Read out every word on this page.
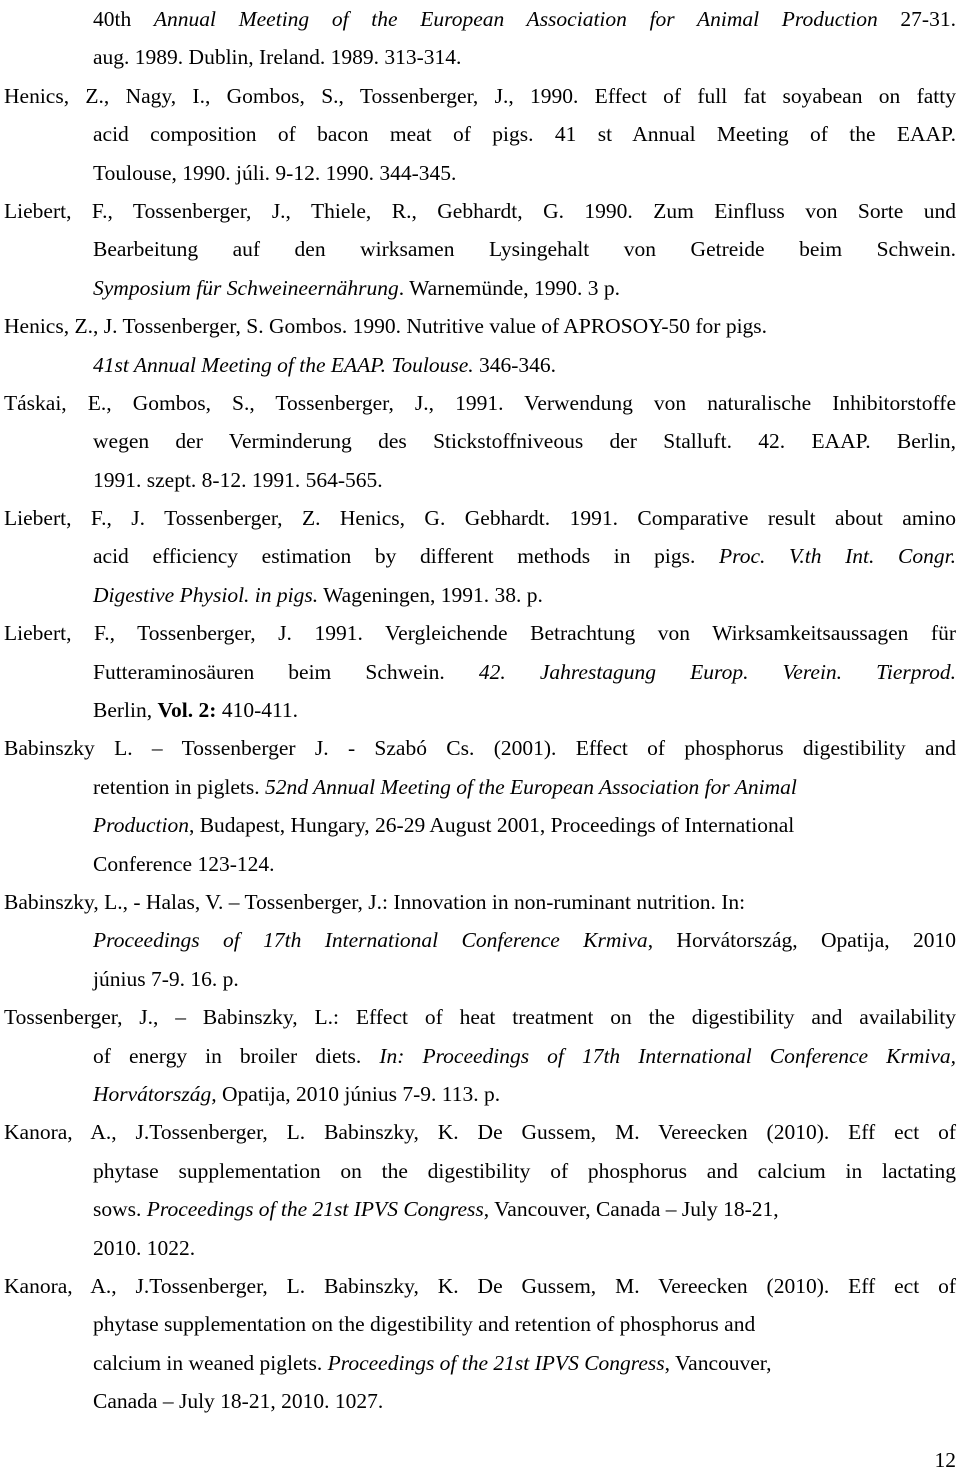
40th Annual Meeting of the European Association for Animal Production 27-31.
aug. 1989. Dublin, Ireland. 1989. 313-314.
Henics, Z., Nagy, I., Gombos, S., Tossenberger, J., 1990. Effect of full fat soyabean on fatty
acid composition of bacon meat of pigs. 41 st Annual Meeting of the EAAP.
Toulouse, 1990. júli. 9-12. 1990. 344-345.
Liebert, F., Tossenberger, J., Thiele, R., Gebhardt, G. 1990. Zum Einfluss von Sorte und
Bearbeitung auf den wirksamen Lysingehalt von Getreide beim Schwein.
Symposium für Schweineernährung. Warnemünde, 1990. 3 p.
Henics, Z., J. Tossenberger, S. Gombos. 1990. Nutritive value of APROSOY-50 for pigs.
41st Annual Meeting of the EAAP. Toulouse. 346-346.
Táskai, E., Gombos, S., Tossenberger, J., 1991. Verwendung von naturalische Inhibitorstoffe
wegen der Verminderung des Stickstoffniveous der Stalluft. 42. EAAP. Berlin,
1991. szept. 8-12. 1991. 564-565.
Liebert, F., J. Tossenberger, Z. Henics, G. Gebhardt. 1991. Comparative result about amino
acid efficiency estimation by different methods in pigs. Proc. V.th Int. Congr.
Digestive Physiol. in pigs. Wageningen, 1991. 38. p.
Liebert, F., Tossenberger, J. 1991. Vergleichende Betrachtung von Wirksamkeitsaussagen für
Futteraminosäuren beim Schwein. 42. Jahrestagung Europ. Verein. Tierprod.
Berlin, Vol. 2: 410-411.
Babinszky L. – Tossenberger J. - Szabó Cs. (2001). Effect of phosphorus digestibility and
retention in piglets. 52nd Annual Meeting of the European Association for Animal
Production, Budapest, Hungary, 26-29 August 2001, Proceedings of International
Conference 123-124.
Babinszky, L., - Halas, V. – Tossenberger, J.: Innovation in non-ruminant nutrition. In:
Proceedings of 17th International Conference Krmiva, Horvátország, Opatija, 2010
június 7-9. 16. p.
Tossenberger, J., – Babinszky, L.: Effect of heat treatment on the digestibility and availability
of energy in broiler diets. In: Proceedings of 17th International Conference Krmiva,
Horvátország, Opatija, 2010 június 7-9. 113. p.
Kanora, A., J.Tossenberger, L. Babinszky, K. De Gussem, M. Vereecken (2010). Eff ect of
phytase supplementation on the digestibility of phosphorus and calcium in lactating
sows. Proceedings of the 21st IPVS Congress, Vancouver, Canada – July 18-21,
2010. 1022.
Kanora, A., J.Tossenberger, L. Babinszky, K. De Gussem, M. Vereecken (2010). Eff ect of
phytase supplementation on the digestibility and retention of phosphorus and
calcium in weaned piglets. Proceedings of the 21st IPVS Congress, Vancouver,
Canada – July 18-21, 2010. 1027.
12
